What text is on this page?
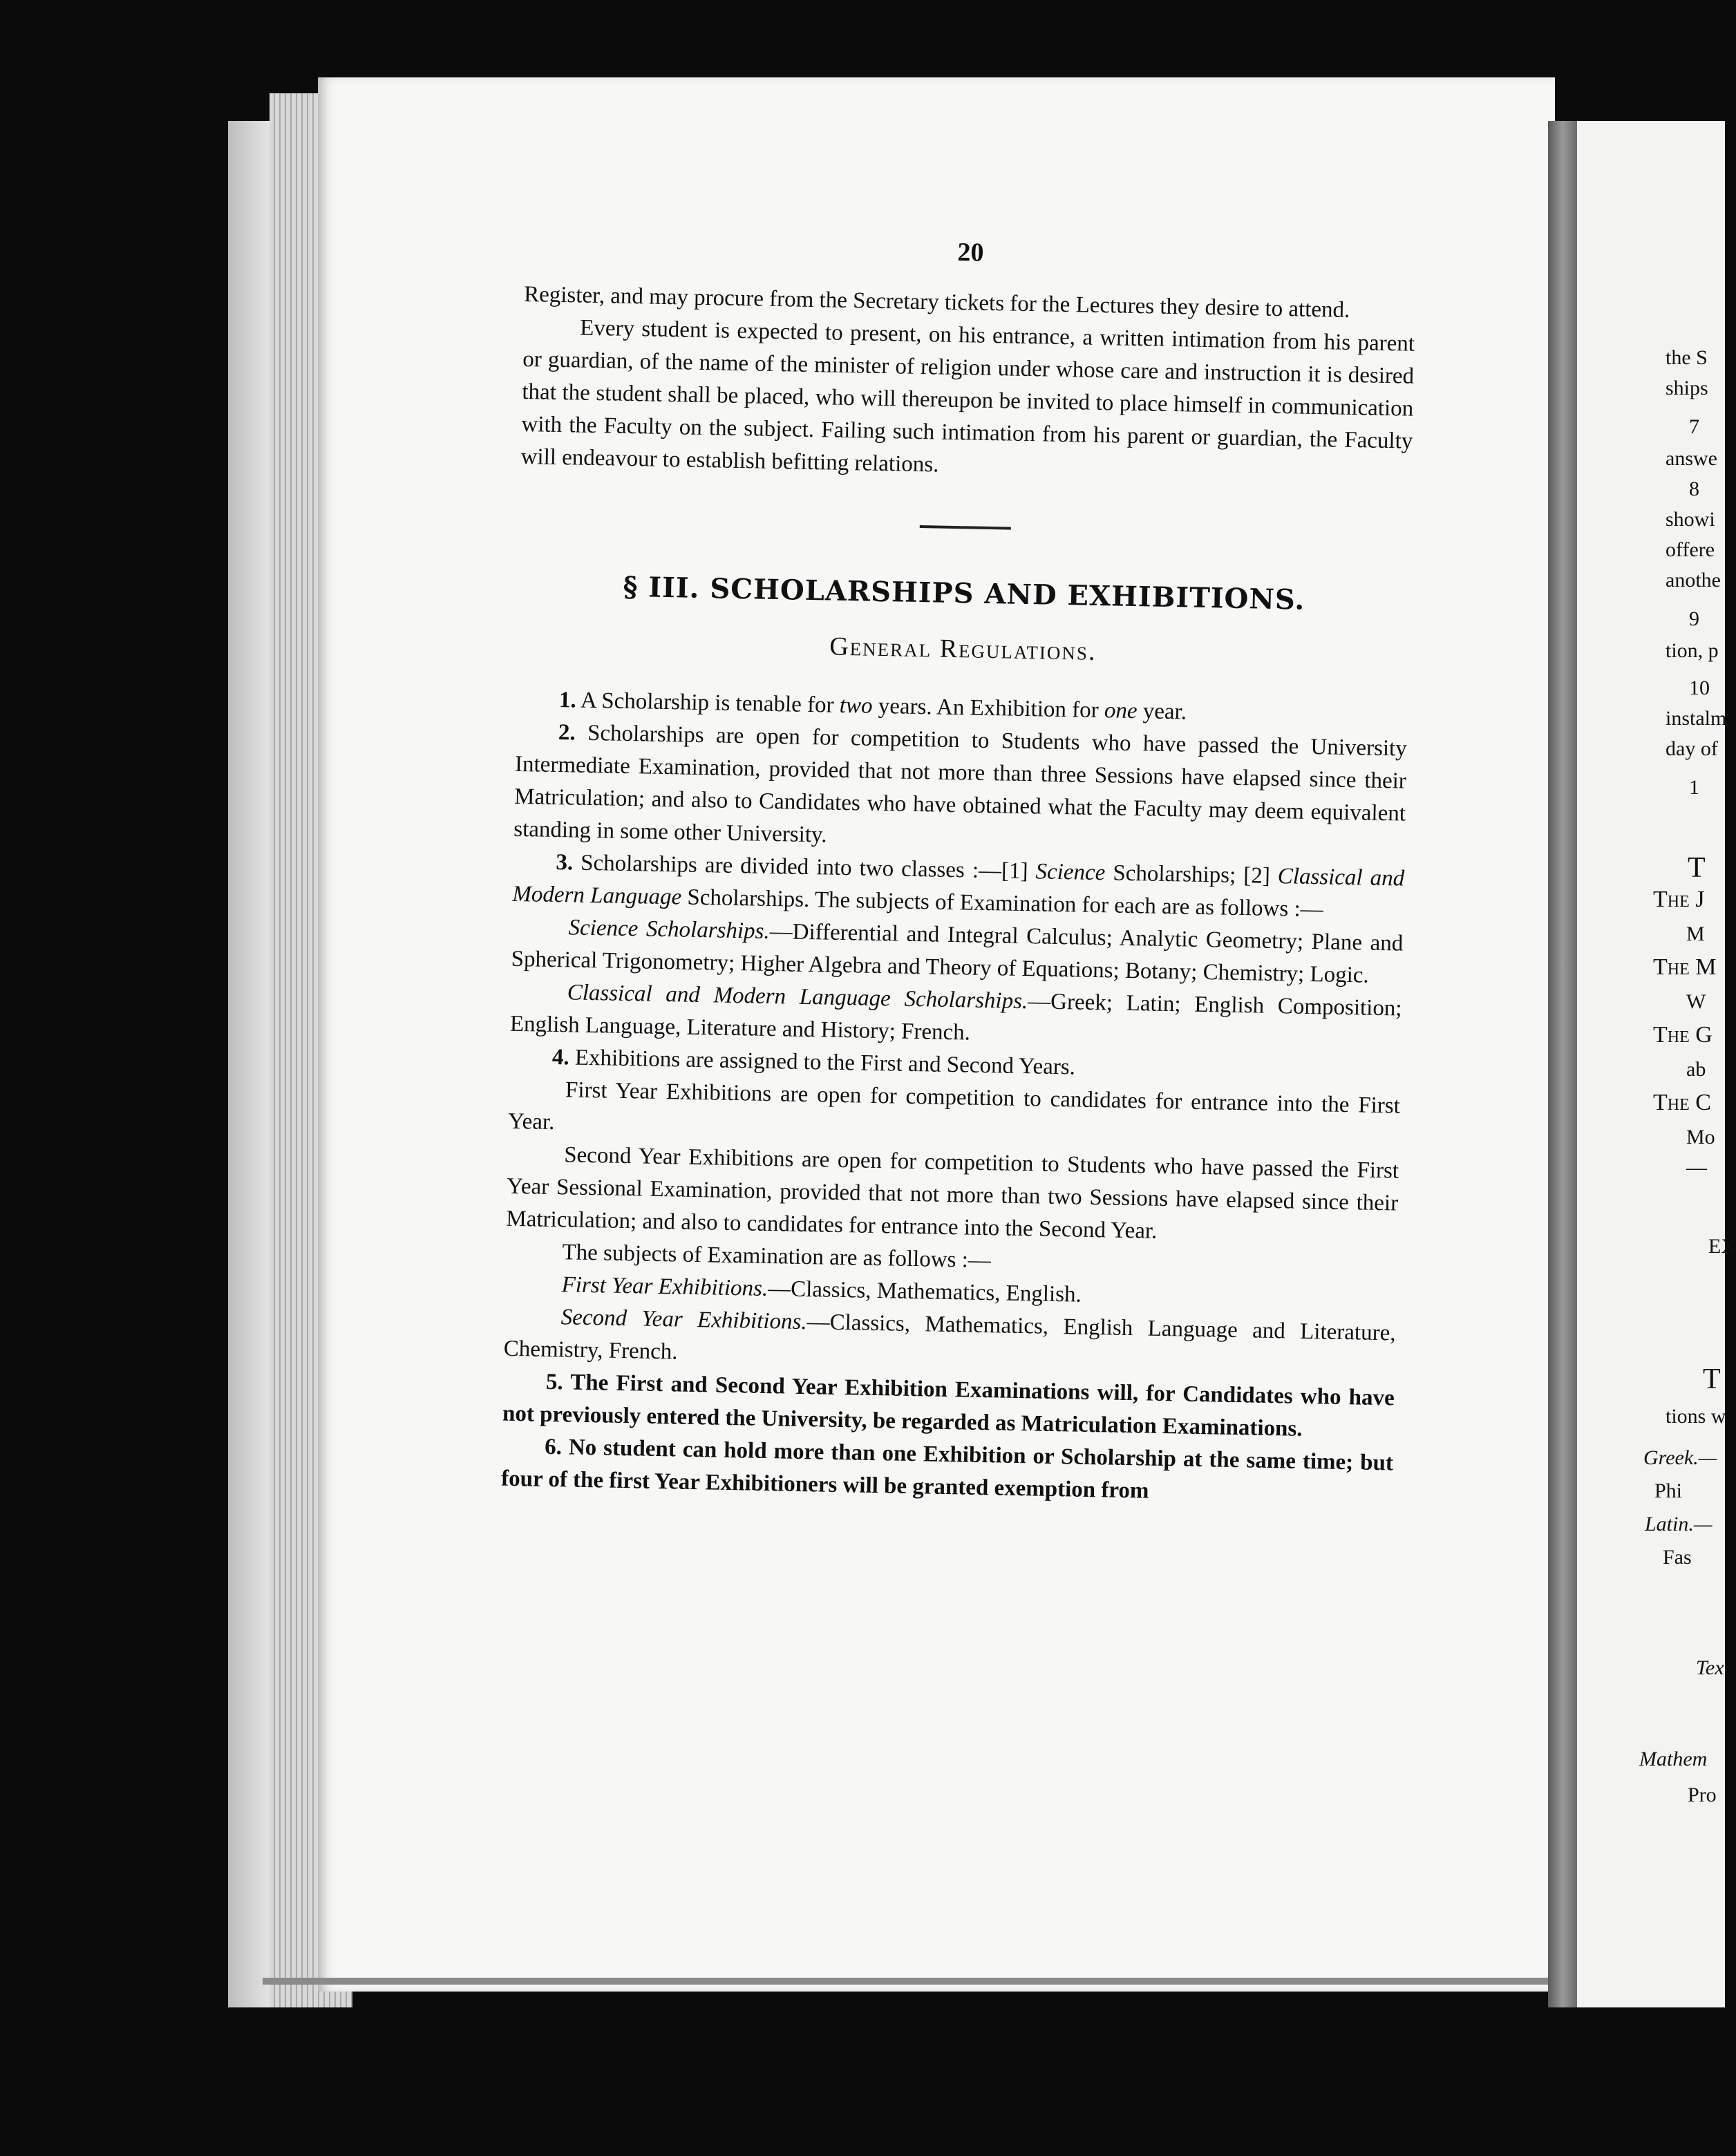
the S
ships
7
answe
8
showi
offere
anothe
9
tion, p
10
instalm
day of
1
T
The J
M
The M
W
The G
ab
The C
Mo
—
EX
T
tions w
Greek.—
Phi
Latin.—
Fas
Tex
Mathem
Pro
20

Register, and may procure from the Secretary tickets for the Lectures they desire to attend.

Every student is expected to present, on his entrance, a written intimation from his parent or guardian, of the name of the minister of religion under whose care and instruction it is desired that the student shall be placed, who will thereupon be invited to place himself in communication with the Faculty on the subject. Failing such intimation from his parent or guardian, the Faculty will endeavour to establish befitting relations.

§ III. SCHOLARSHIPS AND EXHIBITIONS.
General Regulations.

1. A Scholarship is tenable for two years. An Exhibition for one year.

2. Scholarships are open for competition to Students who have passed the University Intermediate Examination, provided that not more than three Sessions have elapsed since their Matriculation; and also to Candidates who have obtained what the Faculty may deem equivalent standing in some other University.

3. Scholarships are divided into two classes :—[1] Science Scholarships; [2] Classical and Modern Language Scholarships. The subjects of Examination for each are as follows :—

Science Scholarships.—Differential and Integral Calculus; Analytic Geometry; Plane and Spherical Trigonometry; Higher Algebra and Theory of Equations; Botany; Chemistry; Logic.

Classical and Modern Language Scholarships.—Greek; Latin; English Composition; English Language, Literature and History; French.

4. Exhibitions are assigned to the First and Second Years.

First Year Exhibitions are open for competition to candidates for entrance into the First Year.

Second Year Exhibitions are open for competition to Students who have passed the First Year Sessional Examination, provided that not more than two Sessions have elapsed since their Matriculation; and also to candidates for entrance into the Second Year.

The subjects of Examination are as follows :—

First Year Exhibitions.—Classics, Mathematics, English.

Second Year Exhibitions.—Classics, Mathematics, English Language and Literature, Chemistry, French.

5. The First and Second Year Exhibition Examinations will, for Candidates who have not previously entered the University, be regarded as Matriculation Examinations.

6. No student can hold more than one Exhibition or Scholarship at the same time; but four of the first Year Exhibitioners will be granted exemption from
